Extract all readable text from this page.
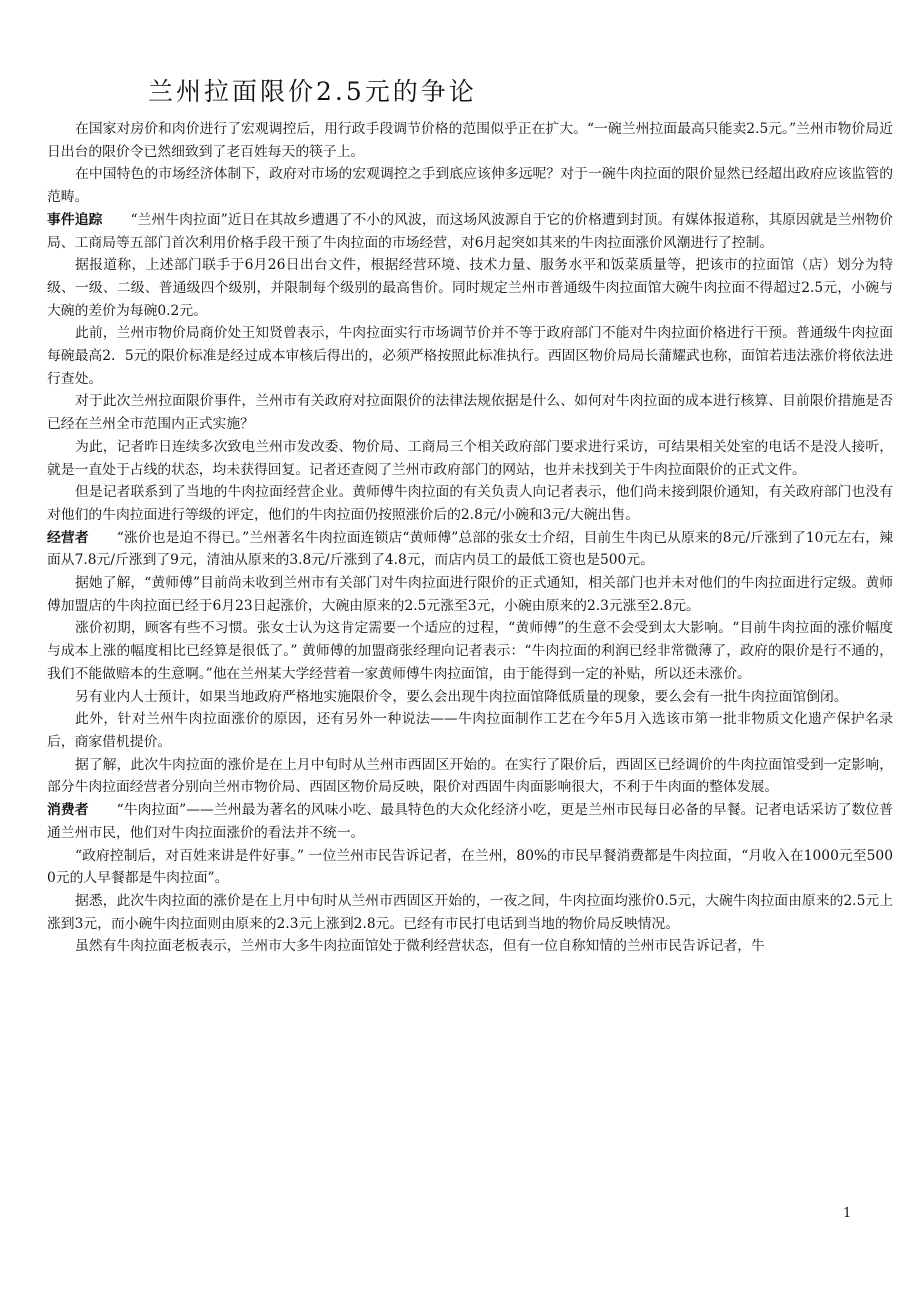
兰州拉面限价2.5元的争论

在国家对房价和肉价进行了宏观调控后，用行政手段调节价格的范围似乎正在扩大。“一碗兰州拉面最高只能卖2.5元。”兰州市物价局近日出台的限价令已然细致到了老百姓每天的筷子上。

在中国特色的市场经济体制下，政府对市场的宏观调控之手到底应该伸多远呢？对于一碗牛肉拉面的限价显然已经超出政府应该监管的范畴。

事件追踪 “兰州牛肉拉面”近日在其故乡遭遇了不小的风波，而这场风波源自于它的价格遭到封顶。有媒体报道称，其原因就是兰州物价局、工商局等五部门首次利用价格手段干预了牛肉拉面的市场经营，对6月起突如其来的牛肉拉面涨价风潮进行了控制。

据报道称，上述部门联手于6月26日出台文件，根据经营环境、技术力量、服务水平和饭菜质量等，把该市的拉面馆（店）划分为特级、一级、二级、普通级四个级别，并限制每个级别的最高售价。同时规定兰州市普通级牛肉拉面馆大碗牛肉拉面不得超过2.5元，小碗与大碗的差价为每碗0.2元。

此前，兰州市物价局商价处王知贤曾表示，牛肉拉面实行市场调节价并不等于政府部门不能对牛肉拉面价格进行干预。普通级牛肉拉面每碗最高2．5元的限价标准是经过成本审核后得出的，必须严格按照此标准执行。西固区物价局局长蒲耀武也称，面馆若违法涨价将依法进行查处。

对于此次兰州拉面限价事件，兰州市有关政府对拉面限价的法律法规依据是什么、如何对牛肉拉面的成本进行核算、目前限价措施是否已经在兰州全市范围内正式实施？

为此，记者昨日连续多次致电兰州市发改委、物价局、工商局三个相关政府部门要求进行采访，可结果相关处室的电话不是没人接听，就是一直处于占线的状态，均未获得回复。记者还查阅了兰州市政府部门的网站，也并未找到关于牛肉拉面限价的正式文件。

但是记者联系到了当地的牛肉拉面经营企业。黄师傅牛肉拉面的有关负责人向记者表示，他们尚未接到限价通知，有关政府部门也没有对他们的牛肉拉面进行等级的评定，他们的牛肉拉面仍按照涨价后的2.8元/小碗和3元/大碗出售。

经营者 “涨价也是迫不得已。”兰州著名牛肉拉面连锁店“黄师傅”总部的张女士介绍，目前生牛肉已从原来的8元/斤涨到了10元左右，辣面从7.8元/斤涨到了9元，清油从原来的3.8元/斤涨到了4.8元，而店内员工的最低工资也是500元。

据她了解，“黄师傅”目前尚未收到兰州市有关部门对牛肉拉面进行限价的正式通知，相关部门也并未对他们的牛肉拉面进行定级。黄师傅加盟店的牛肉拉面已经于6月23日起涨价，大碗由原来的2.5元涨至3元，小碗由原来的2.3元涨至2.8元。

涨价初期，顾客有些不习惯。张女士认为这肯定需要一个适应的过程，“黄师傅”的生意不会受到太大影响。“目前牛肉拉面的涨价幅度与成本上涨的幅度相比已经算是很低了。” 黄师傅的加盟商张经理向记者表示：“牛肉拉面的利润已经非常微薄了，政府的限价是行不通的，我们不能做赔本的生意啊。”他在兰州某大学经营着一家黄师傅牛肉拉面馆，由于能得到一定的补贴，所以还未涨价。

另有业内人士预计，如果当地政府严格地实施限价令，要么会出现牛肉拉面馆降低质量的现象，要么会有一批牛肉拉面馆倒闭。

此外，针对兰州牛肉拉面涨价的原因，还有另外一种说法——牛肉拉面制作工艺在今年5月入选该市第一批非物质文化遗产保护名录后，商家借机提价。

据了解，此次牛肉拉面的涨价是在上月中旬时从兰州市西固区开始的。在实行了限价后，西固区已经调价的牛肉拉面馆受到一定影响，部分牛肉拉面经营者分别向兰州市物价局、西固区物价局反映，限价对西固牛肉面影响很大，不利于牛肉面的整体发展。

消费者 “牛肉拉面”——兰州最为著名的风味小吃、最具特色的大众化经济小吃，更是兰州市民每日必备的早餐。记者电话采访了数位普通兰州市民，他们对牛肉拉面涨价的看法并不统一。

“政府控制后，对百姓来讲是件好事。” 一位兰州市民告诉记者，在兰州，80%的市民早餐消费都是牛肉拉面，“月收入在1000元至5000元的人早餐都是牛肉拉面”。

据悉，此次牛肉拉面的涨价是在上月中旬时从兰州市西固区开始的，一夜之间，牛肉拉面均涨价0.5元，大碗牛肉拉面由原来的2.5元上涨到3元，而小碗牛肉拉面则由原来的2.3元上涨到2.8元。已经有市民打电话到当地的物价局反映情况。

虽然有牛肉拉面老板表示，兰州市大多牛肉拉面馆处于微利经营状态，但有一位自称知情的兰州市民告诉记者，牛

1
